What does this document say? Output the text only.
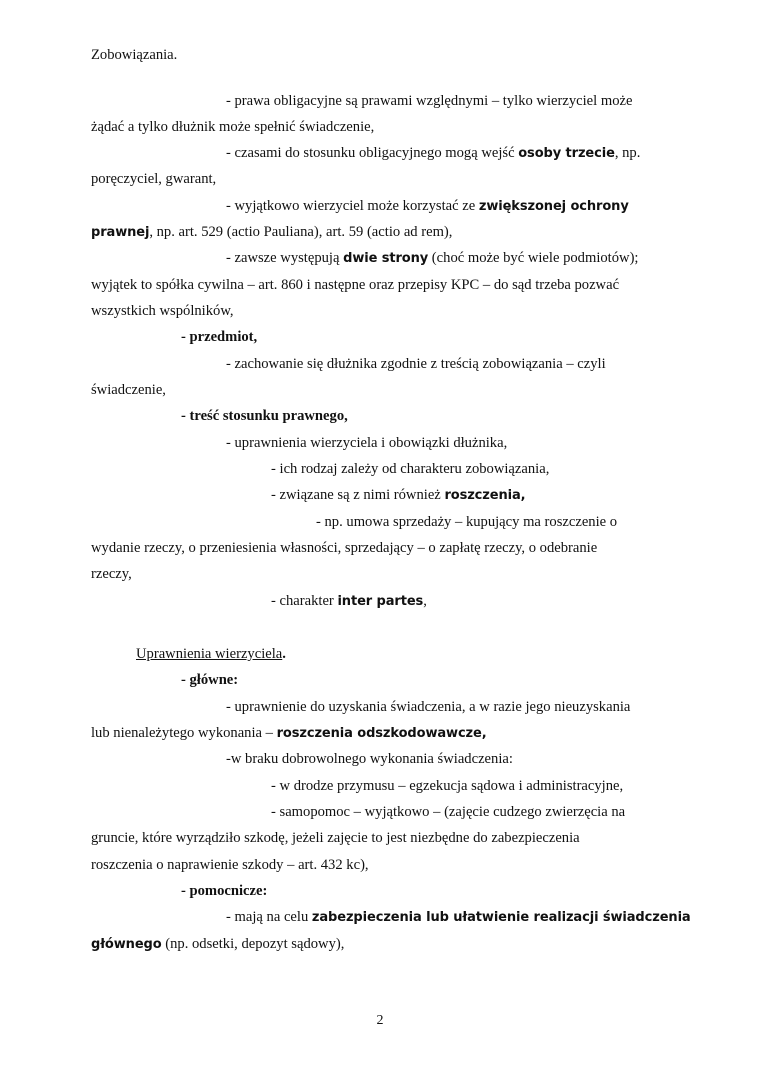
Zobowiązania.
- prawa obligacyjne są prawami względnymi – tylko wierzyciel może
żądać a tylko dłużnik może spełnić świadczenie,
- czasami do stosunku obligacyjnego mogą wejść osoby trzecie, np.
poręczyciel, gwarant,
- wyjątkowo wierzyciel może korzystać ze zwiększonej ochrony
prawnej, np. art. 529 (actio Pauliana), art. 59 (actio ad rem),
- zawsze występują dwie strony (choć może być wiele podmiotów);
wyjątek to spółka cywilna – art. 860 i następne oraz przepisy KPC – do sąd trzeba pozwać
wszystkich wspólników,
- przedmiot,
- zachowanie się dłużnika zgodnie z treścią zobowiązania – czyli
świadczenie,
- treść stosunku prawnego,
- uprawnienia wierzyciela i obowiązki dłużnika,
- ich rodzaj zależy od charakteru zobowiązania,
- związane są z nimi również roszczenia,
- np. umowa sprzedaży – kupujący ma roszczenie o
wydanie rzeczy, o przeniesienia własności, sprzedający – o zapłatę rzeczy, o odebranie
rzeczy,
- charakter inter partes,
Uprawnienia wierzyciela.
- główne:
- uprawnienie do uzyskania świadczenia, a w razie jego nieuzyskania
lub nienależytego wykonania – roszczenia odszkodowawcze,
-w braku dobrowolnego wykonania świadczenia:
- w drodze przymusu – egzekucja sądowa i administracyjne,
- samopomoc – wyjątkowo – (zajęcie cudzego zwierzęcia na
gruncie, które wyrządziło szkodę, jeżeli zajęcie to jest niezbędne do zabezpieczenia
roszczenia o naprawienie szkody – art. 432 kc),
- pomocnicze:
- mają na celu zabezpieczenia lub ułatwienie realizacji świadczenia
głównego (np. odsetki, depozyt sądowy),
2
